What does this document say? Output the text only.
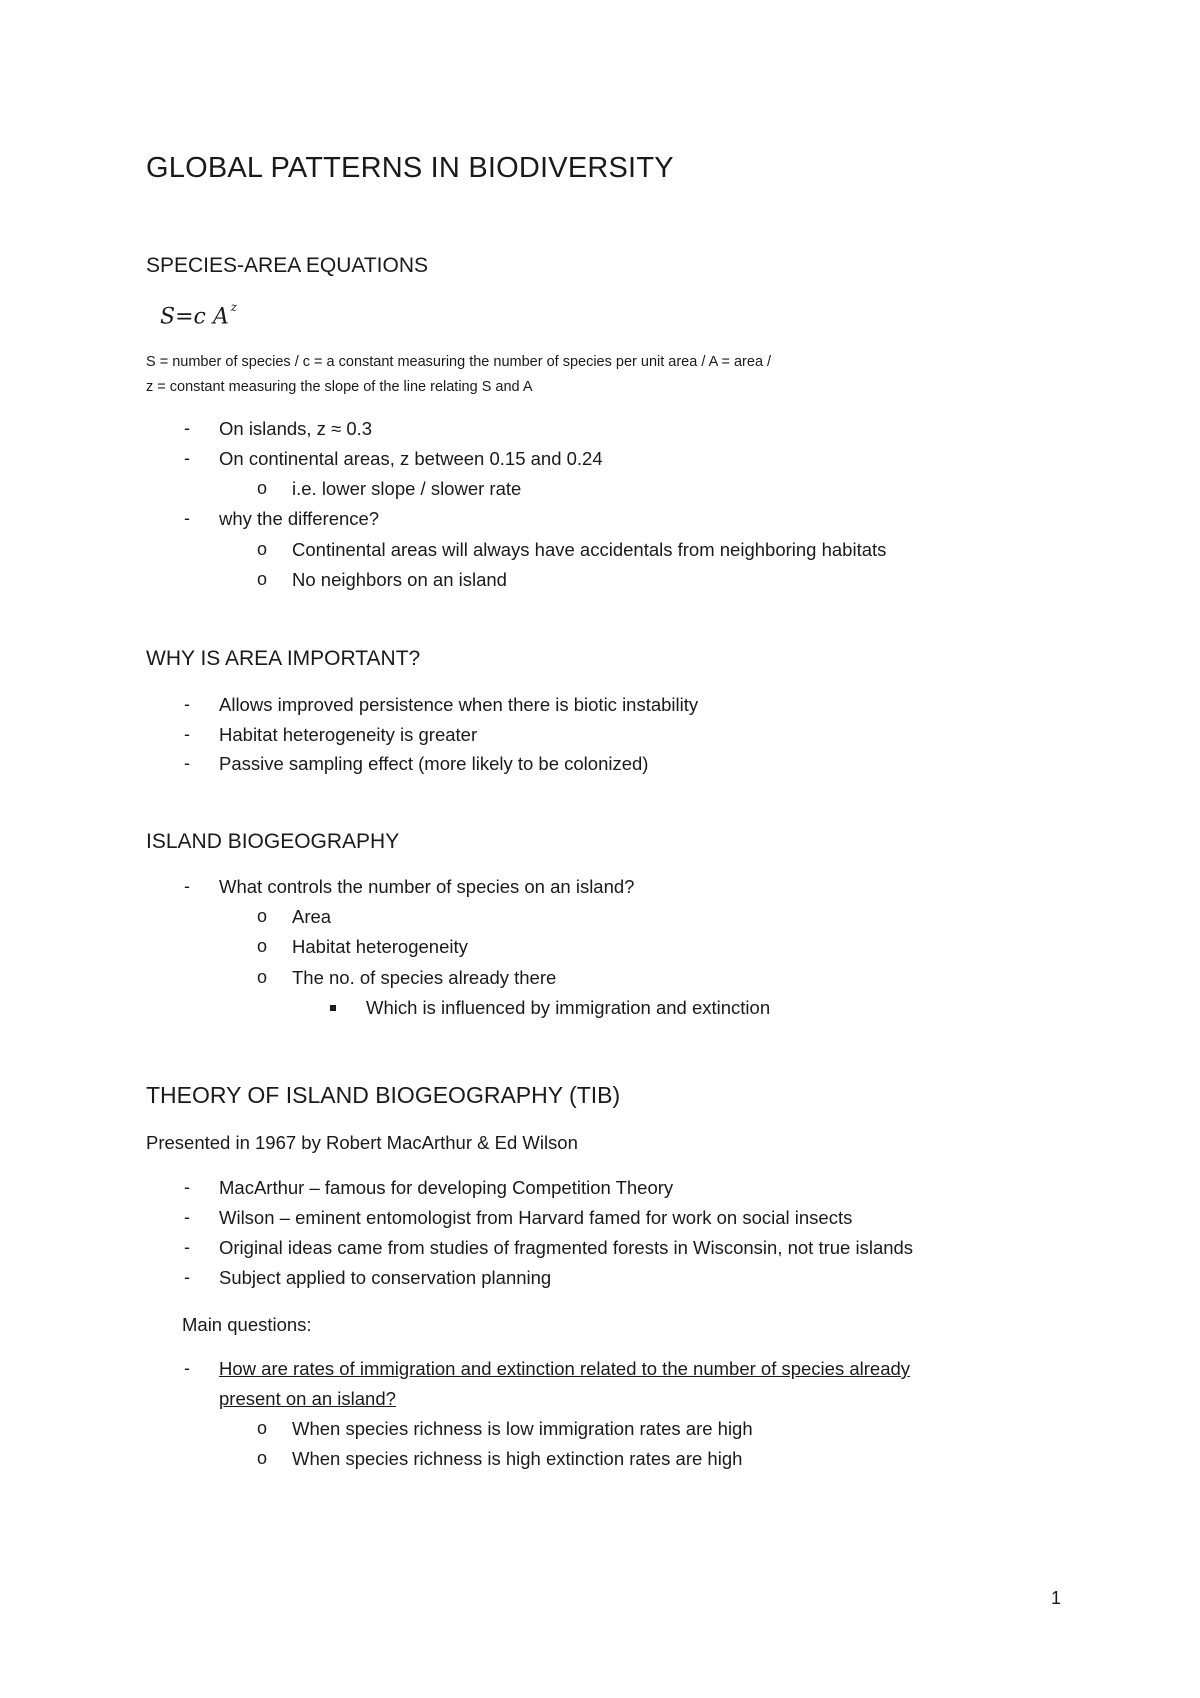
GLOBAL PATTERNS IN BIODIVERSITY
SPECIES-AREA EQUATIONS
S=c A $^z$
S = number of species / c = a constant measuring the number of species per unit area / A = area /
z = constant measuring the slope of the line relating S and A
- On islands, z ≈ 0.3
- On continental areas, z between 0.15 and 0.24
o i.e. lower slope / slower rate
- why the difference?
o Continental areas will always have accidentals from neighboring habitats
o No neighbors on an island
WHY IS AREA IMPORTANT?
- Allows improved persistence when there is biotic instability
- Habitat heterogeneity is greater
- Passive sampling effect (more likely to be colonized)
ISLAND BIOGEOGRAPHY
- What controls the number of species on an island?
o Area
o Habitat heterogeneity
o The no. of species already there
Which is influenced by immigration and extinction
THEORY OF ISLAND BIOGEOGRAPHY (TIB)
Presented in 1967 by Robert MacArthur & Ed Wilson
- MacArthur – famous for developing Competition Theory
- Wilson – eminent entomologist from Harvard famed for work on social insects
- Original ideas came from studies of fragmented forests in Wisconsin, not true islands
- Subject applied to conservation planning
Main questions:
- How are rates of immigration and extinction related to the number of species already
present on an island?
o When species richness is low immigration rates are high
o When species richness is high extinction rates are high
1
